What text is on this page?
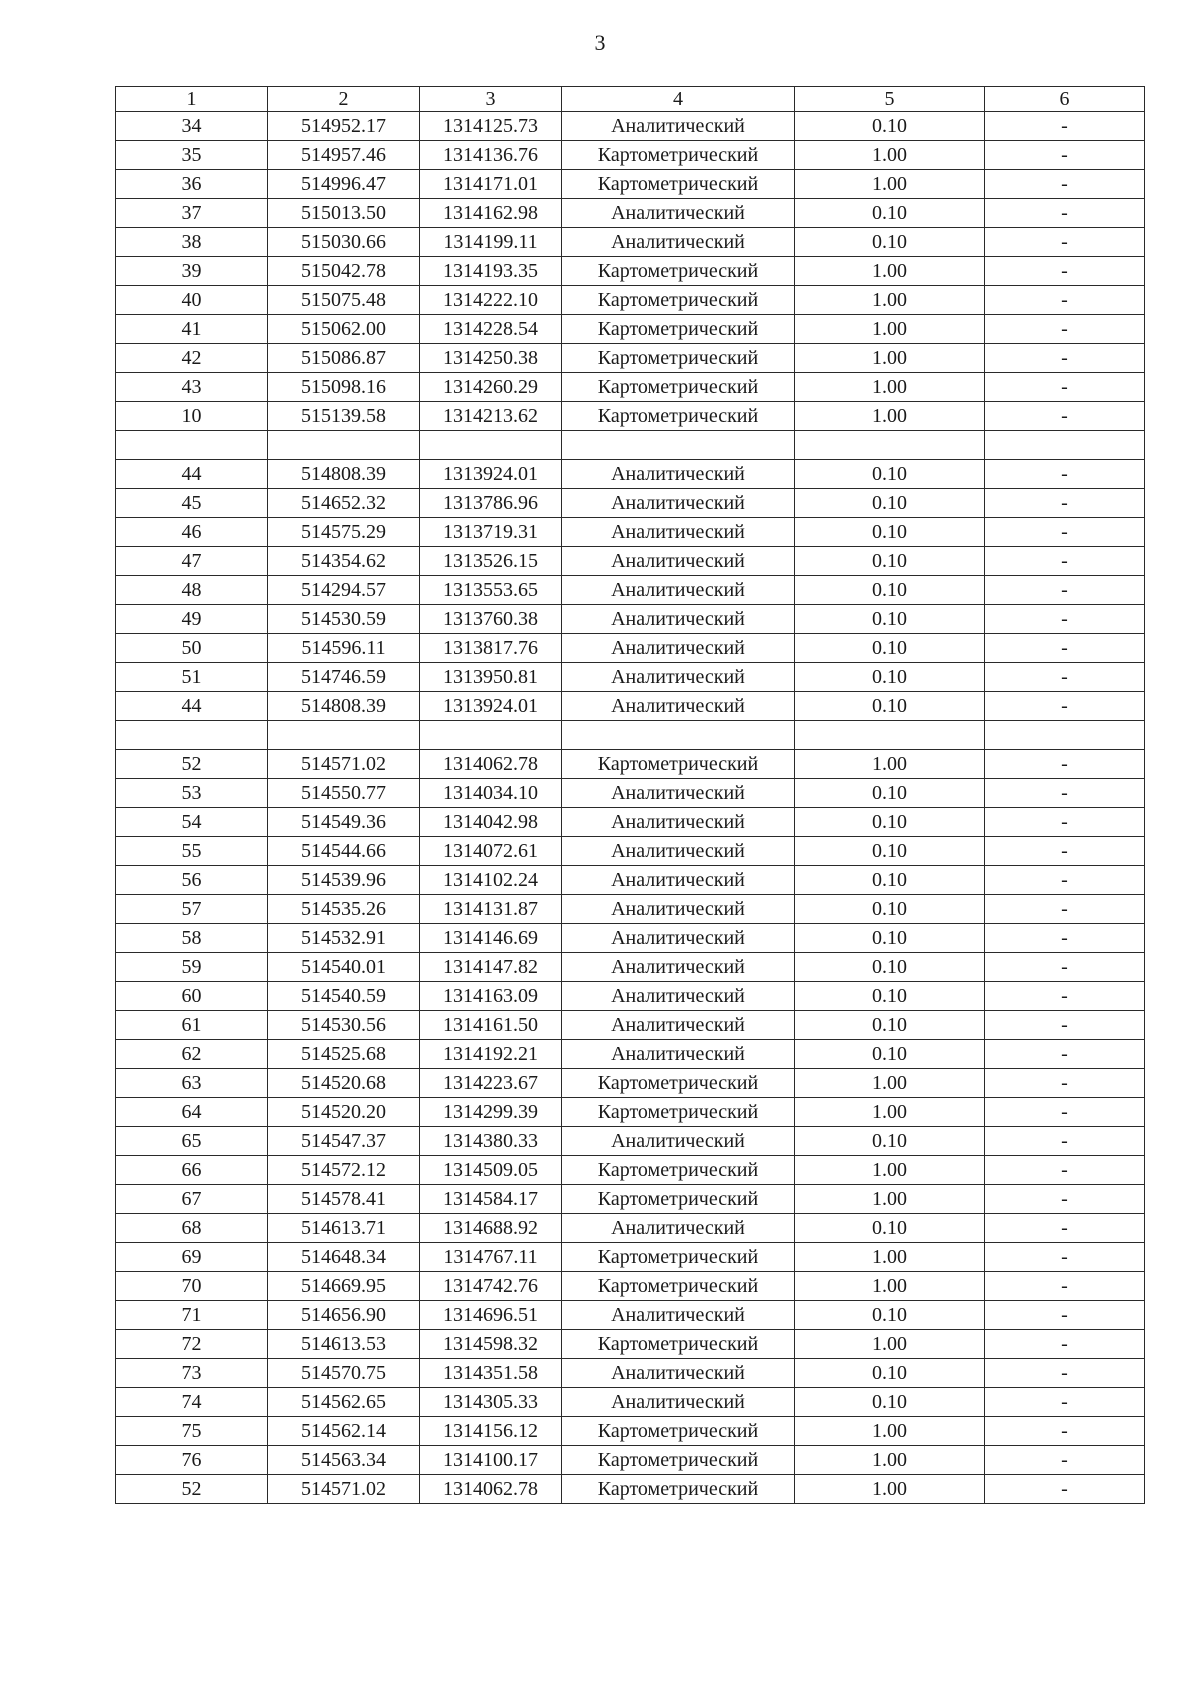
3
1	2	3	4	5	6
34	514952.17	1314125.73	Аналитический	0.10	-
35	514957.46	1314136.76	Картометрический	1.00	-
36	514996.47	1314171.01	Картометрический	1.00	-
37	515013.50	1314162.98	Аналитический	0.10	-
38	515030.66	1314199.11	Аналитический	0.10	-
39	515042.78	1314193.35	Картометрический	1.00	-
40	515075.48	1314222.10	Картометрический	1.00	-
41	515062.00	1314228.54	Картометрический	1.00	-
42	515086.87	1314250.38	Картометрический	1.00	-
43	515098.16	1314260.29	Картометрический	1.00	-
10	515139.58	1314213.62	Картометрический	1.00	-

44	514808.39	1313924.01	Аналитический	0.10	-
45	514652.32	1313786.96	Аналитический	0.10	-
46	514575.29	1313719.31	Аналитический	0.10	-
47	514354.62	1313526.15	Аналитический	0.10	-
48	514294.57	1313553.65	Аналитический	0.10	-
49	514530.59	1313760.38	Аналитический	0.10	-
50	514596.11	1313817.76	Аналитический	0.10	-
51	514746.59	1313950.81	Аналитический	0.10	-
44	514808.39	1313924.01	Аналитический	0.10	-

52	514571.02	1314062.78	Картометрический	1.00	-
53	514550.77	1314034.10	Аналитический	0.10	-
54	514549.36	1314042.98	Аналитический	0.10	-
55	514544.66	1314072.61	Аналитический	0.10	-
56	514539.96	1314102.24	Аналитический	0.10	-
57	514535.26	1314131.87	Аналитический	0.10	-
58	514532.91	1314146.69	Аналитический	0.10	-
59	514540.01	1314147.82	Аналитический	0.10	-
60	514540.59	1314163.09	Аналитический	0.10	-
61	514530.56	1314161.50	Аналитический	0.10	-
62	514525.68	1314192.21	Аналитический	0.10	-
63	514520.68	1314223.67	Картометрический	1.00	-
64	514520.20	1314299.39	Картометрический	1.00	-
65	514547.37	1314380.33	Аналитический	0.10	-
66	514572.12	1314509.05	Картометрический	1.00	-
67	514578.41	1314584.17	Картометрический	1.00	-
68	514613.71	1314688.92	Аналитический	0.10	-
69	514648.34	1314767.11	Картометрический	1.00	-
70	514669.95	1314742.76	Картометрический	1.00	-
71	514656.90	1314696.51	Аналитический	0.10	-
72	514613.53	1314598.32	Картометрический	1.00	-
73	514570.75	1314351.58	Аналитический	0.10	-
74	514562.65	1314305.33	Аналитический	0.10	-
75	514562.14	1314156.12	Картометрический	1.00	-
76	514563.34	1314100.17	Картометрический	1.00	-
52	514571.02	1314062.78	Картометрический	1.00	-
